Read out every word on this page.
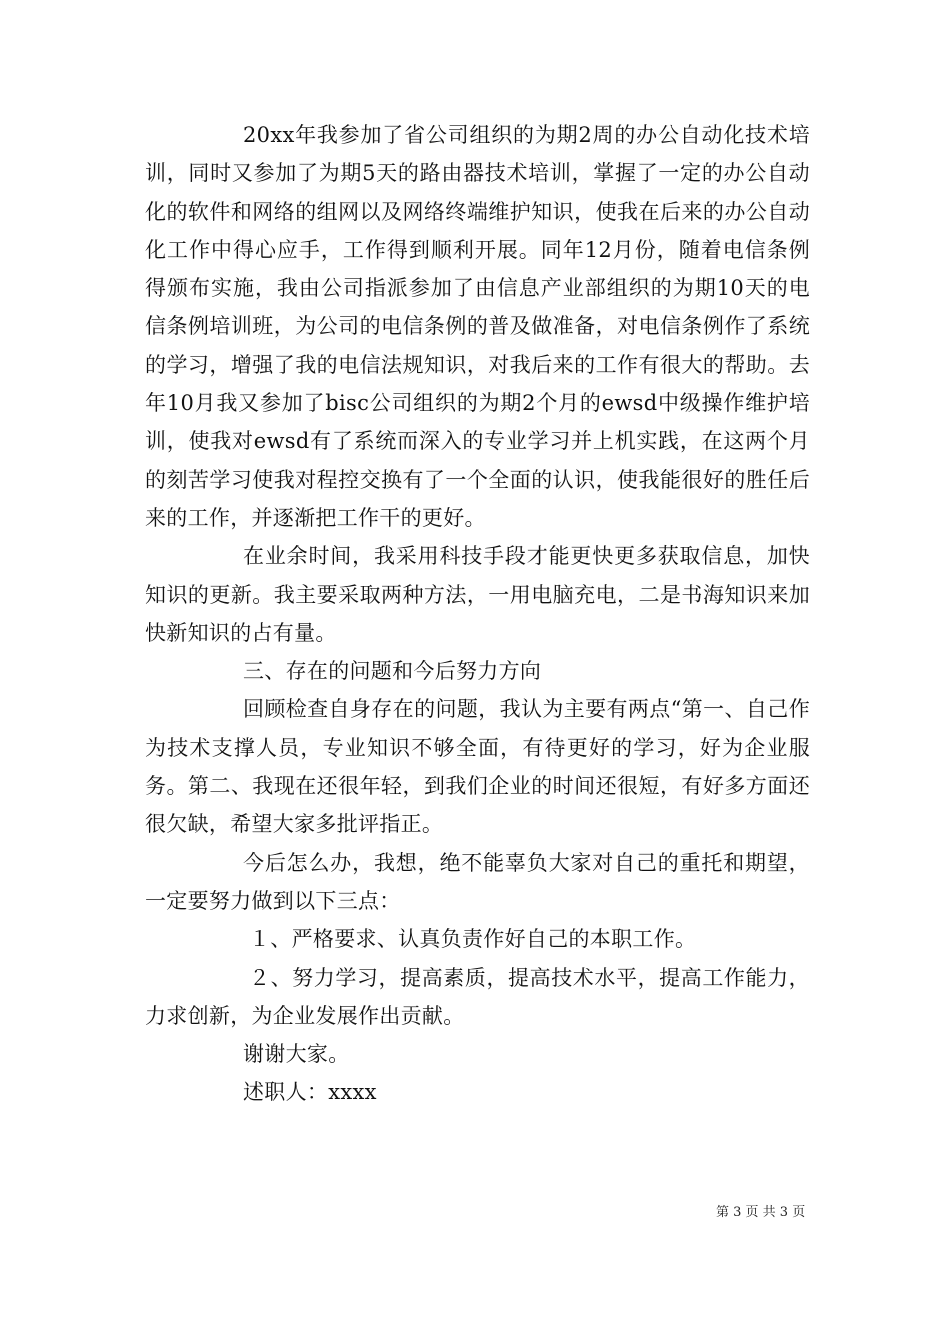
20xx年我参加了省公司组织的为期2周的办公自动化技术培训，同时又参加了为期5天的路由器技术培训，掌握了一定的办公自动化的软件和网络的组网以及网络终端维护知识，使我在后来的办公自动化工作中得心应手，工作得到顺利开展。同年12月份，随着电信条例得颁布实施，我由公司指派参加了由信息产业部组织的为期10天的电信条例培训班，为公司的电信条例的普及做准备，对电信条例作了系统的学习，增强了我的电信法规知识，对我后来的工作有很大的帮助。去年10月我又参加了bisc公司组织的为期2个月的ewsd中级操作维护培训，使我对ewsd有了系统而深入的专业学习并上机实践，在这两个月的刻苦学习使我对程控交换有了一个全面的认识，使我能很好的胜任后来的工作，并逐渐把工作干的更好。

在业余时间，我采用科技手段才能更快更多获取信息，加快知识的更新。我主要采取两种方法，一用电脑充电，二是书海知识来加快新知识的占有量。

三、存在的问题和今后努力方向

回顾检查自身存在的问题，我认为主要有两点“第一、自己作为技术支撑人员，专业知识不够全面，有待更好的学习，好为企业服务。第二、我现在还很年轻，到我们企业的时间还很短，有好多方面还很欠缺，希望大家多批评指正。

今后怎么办，我想，绝不能辜负大家对自己的重托和期望，一定要努力做到以下三点：

１、严格要求、认真负责作好自己的本职工作。

２、努力学习，提高素质，提高技术水平，提高工作能力，力求创新，为企业发展作出贡献。

谢谢大家。

述职人：xxxx

第 3 页 共 3 页
